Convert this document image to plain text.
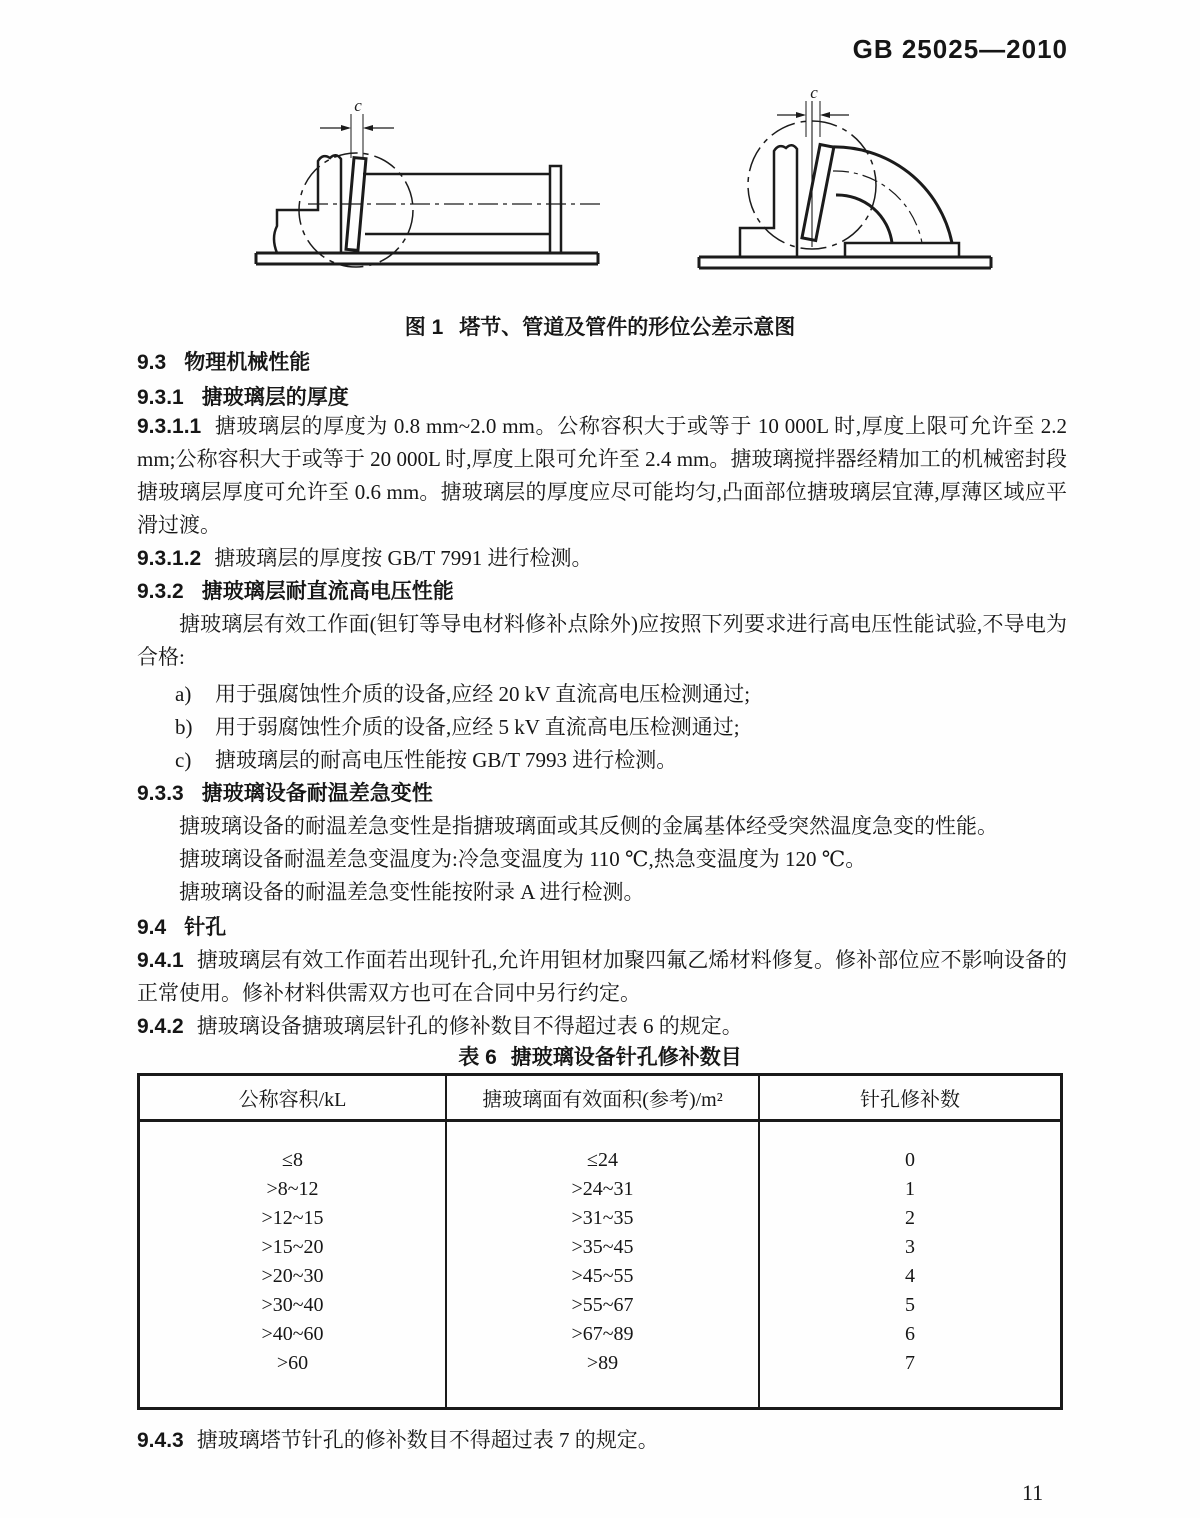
GB 25025—2010
c
c
图 1 塔节、管道及管件的形位公差示意图
9.3 物理机械性能
9.3.1 搪玻璃层的厚度
9.3.1.1 搪玻璃层的厚度为 0.8 mm~2.0 mm。公称容积大于或等于 10 000L 时,厚度上限可允许至 2.2 mm;公称容积大于或等于 20 000L 时,厚度上限可允许至 2.4 mm。搪玻璃搅拌器经精加工的机械密封段搪玻璃层厚度可允许至 0.6 mm。搪玻璃层的厚度应尽可能均匀,凸面部位搪玻璃层宜薄,厚薄区域应平滑过渡。
9.3.1.2 搪玻璃层的厚度按 GB/T 7991 进行检测。
9.3.2 搪玻璃层耐直流高电压性能
搪玻璃层有效工作面(钽钉等导电材料修补点除外)应按照下列要求进行高电压性能试验,不导电为合格:
a) 用于强腐蚀性介质的设备,应经 20 kV 直流高电压检测通过;
b) 用于弱腐蚀性介质的设备,应经 5 kV 直流高电压检测通过;
c) 搪玻璃层的耐高电压性能按 GB/T 7993 进行检测。
9.3.3 搪玻璃设备耐温差急变性
搪玻璃设备的耐温差急变性是指搪玻璃面或其反侧的金属基体经受突然温度急变的性能。
搪玻璃设备耐温差急变温度为:冷急变温度为 110 ℃,热急变温度为 120 ℃。
搪玻璃设备的耐温差急变性能按附录 A 进行检测。
9.4 针孔
9.4.1 搪玻璃层有效工作面若出现针孔,允许用钽材加聚四氟乙烯材料修复。修补部位应不影响设备的正常使用。修补材料供需双方也可在合同中另行约定。
9.4.2 搪玻璃设备搪玻璃层针孔的修补数目不得超过表 6 的规定。
表 6 搪玻璃设备针孔修补数目
公称容积/kL	搪玻璃面有效面积(参考)/m²	针孔修补数
≤8
>8~12
>12~15
>15~20
>20~30
>30~40
>40~60
>60
≤24
>24~31
>31~35
>35~45
>45~55
>55~67
>67~89
>89
0
1
2
3
4
5
6
7
9.4.3 搪玻璃塔节针孔的修补数目不得超过表 7 的规定。
11
